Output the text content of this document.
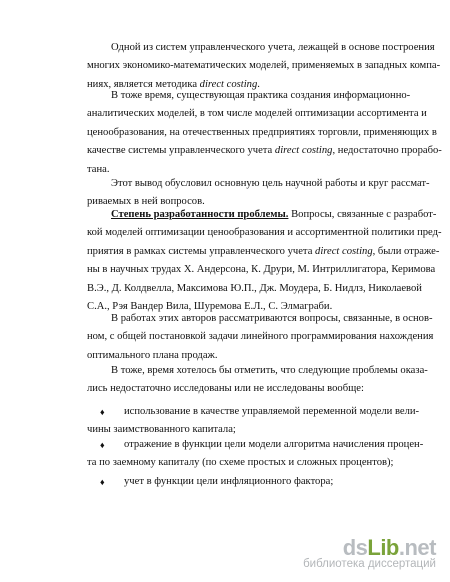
Одной из систем управленческого учета, лежащей в основе построения
многих экономико-математических моделей, применяемых в западных компа-
ниях, является методика direct costing.

В тоже время, существующая практика создания информационно-
аналитических моделей, в том числе моделей оптимизации ассортимента и
ценообразования, на отечественных предприятиях торговли, применяющих в
качестве системы управленческого учета direct costing, недостаточно прорабо-
тана.

Этот вывод обусловил основную цель научной работы и круг рассмат-
риваемых в ней вопросов.

Степень разработанности проблемы. Вопросы, связанные с разработ-
кой моделей оптимизации ценообразования и ассортиментной политики пред-
приятия в рамках системы управленческого учета direct costing, были отраже-
ны в научных трудах Х. Андерсона, К. Друри, М. Интриллигатора, Керимова
В.Э., Д. Колдвелла, Максимова Ю.П., Дж. Моудера, Б. Нидлз, Николаевой
С.А., Рэя Вандер Вила, Шуремова Е.Л., С. Элмаграби.

В работах этих авторов рассматриваются вопросы, связанные, в основ-
ном, с общей постановкой задачи линейного программирования нахождения
оптимального плана продаж.

В тоже, время хотелось бы отметить, что следующие проблемы оказа-
лись недостаточно исследованы или не исследованы вообще:

♦	использование в качестве управляемой переменной модели вели-
чины заимствованного капитала;
♦	отражение в функции цели модели алгоритма начисления процен-
та по заемному капиталу (по схеме простых и сложных процентов);
♦	учет в функции цели инфляционного фактора;
ds Lib .net
библиотека диссертаций
